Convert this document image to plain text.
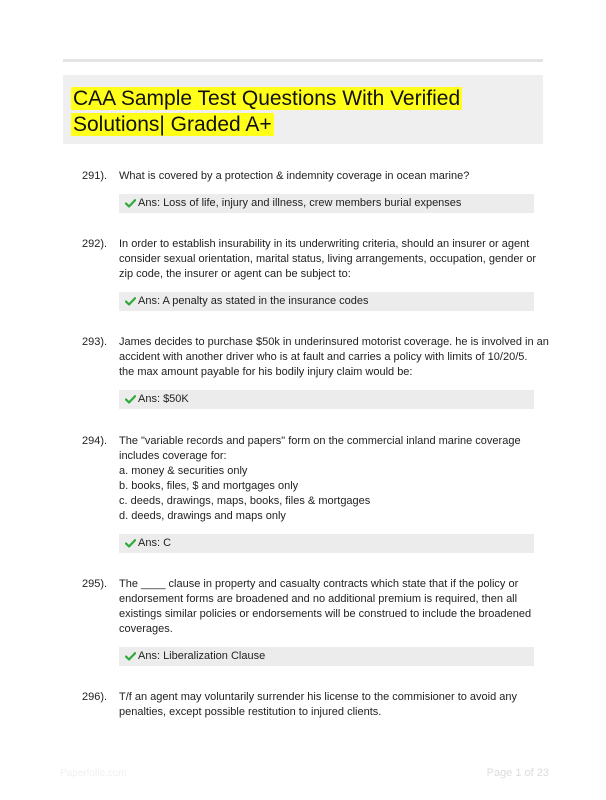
CAA Sample Test Questions With Verified
Solutions| Graded A+
291). What is covered by a protection & indemnity coverage in ocean marine?
Ans: Loss of life, injury and illness, crew members burial expenses
292). In order to establish insurability in its underwriting criteria, should an insurer or agent
consider sexual orientation, marital status, living arrangements, occupation, gender or
zip code, the insurer or agent can be subject to:
Ans: A penalty as stated in the insurance codes
293). James decides to purchase $50k in underinsured motorist coverage. he is involved in an
accident with another driver who is at fault and carries a policy with limits of 10/20/5.
the max amount payable for his bodily injury claim would be:
Ans: $50K
294). The "variable records and papers" form on the commercial inland marine coverage
includes coverage for:
a. money & securities only
b. books, files, $ and mortgages only
c. deeds, drawings, maps, books, files & mortgages
d. deeds, drawings and maps only
Ans: C
295). The ____ clause in property and casualty contracts which state that if the policy or
endorsement forms are broadened and no additional premium is required, then all
existings similar policies or endorsements will be construed to include the broadened
coverages.
Ans: Liberalization Clause
296). T/f an agent may voluntarily surrender his license to the commisioner to avoid any
penalties, except possible restitution to injured clients.
Paperfolio.com	Page 1 of 23
